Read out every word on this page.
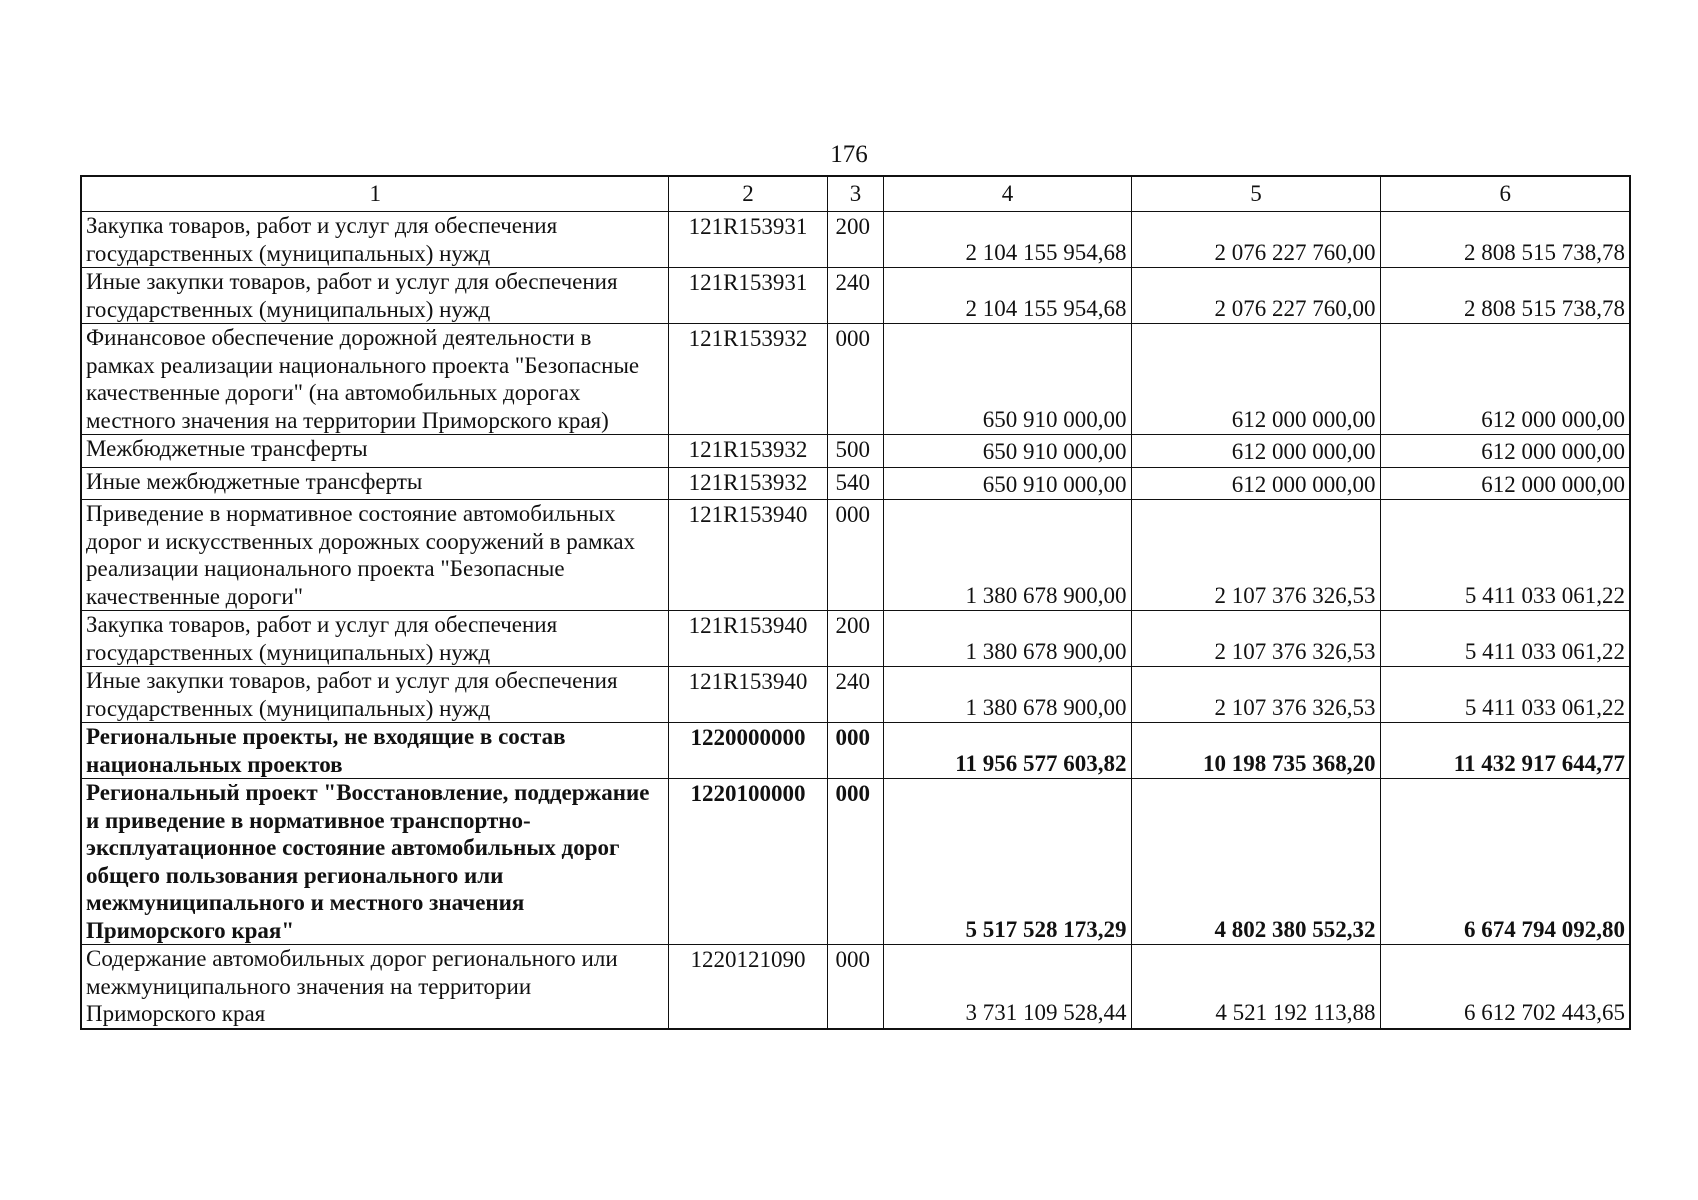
176
1	2	3	4	5	6
Закупка товаров, работ и услуг для обеспечения государственных (муниципальных) нужд	121R153931	200	2 104 155 954,68	2 076 227 760,00	2 808 515 738,78
Иные закупки товаров, работ и услуг для обеспечения государственных (муниципальных) нужд	121R153931	240	2 104 155 954,68	2 076 227 760,00	2 808 515 738,78
Финансовое обеспечение дорожной деятельности в рамках реализации национального проекта "Безопасные качественные дороги" (на автомобильных дорогах местного значения на территории Приморского края)	121R153932	000	650 910 000,00	612 000 000,00	612 000 000,00
Межбюджетные трансферты	121R153932	500	650 910 000,00	612 000 000,00	612 000 000,00
Иные межбюджетные трансферты	121R153932	540	650 910 000,00	612 000 000,00	612 000 000,00
Приведение в нормативное состояние автомобильных дорог и искусственных дорожных сооружений в рамках реализации национального проекта "Безопасные качественные дороги"	121R153940	000	1 380 678 900,00	2 107 376 326,53	5 411 033 061,22
Закупка товаров, работ и услуг для обеспечения государственных (муниципальных) нужд	121R153940	200	1 380 678 900,00	2 107 376 326,53	5 411 033 061,22
Иные закупки товаров, работ и услуг для обеспечения государственных (муниципальных) нужд	121R153940	240	1 380 678 900,00	2 107 376 326,53	5 411 033 061,22
Региональные проекты, не входящие в состав национальных проектов	1220000000	000	11 956 577 603,82	10 198 735 368,20	11 432 917 644,77
Региональный проект "Восстановление, поддержание и приведение в нормативное транспортно-эксплуатационное состояние автомобильных дорог общего пользования регионального или межмуниципального и местного значения Приморского края"	1220100000	000	5 517 528 173,29	4 802 380 552,32	6 674 794 092,80
Содержание автомобильных дорог регионального или межмуниципального значения на территории Приморского края	1220121090	000	3 731 109 528,44	4 521 192 113,88	6 612 702 443,65
